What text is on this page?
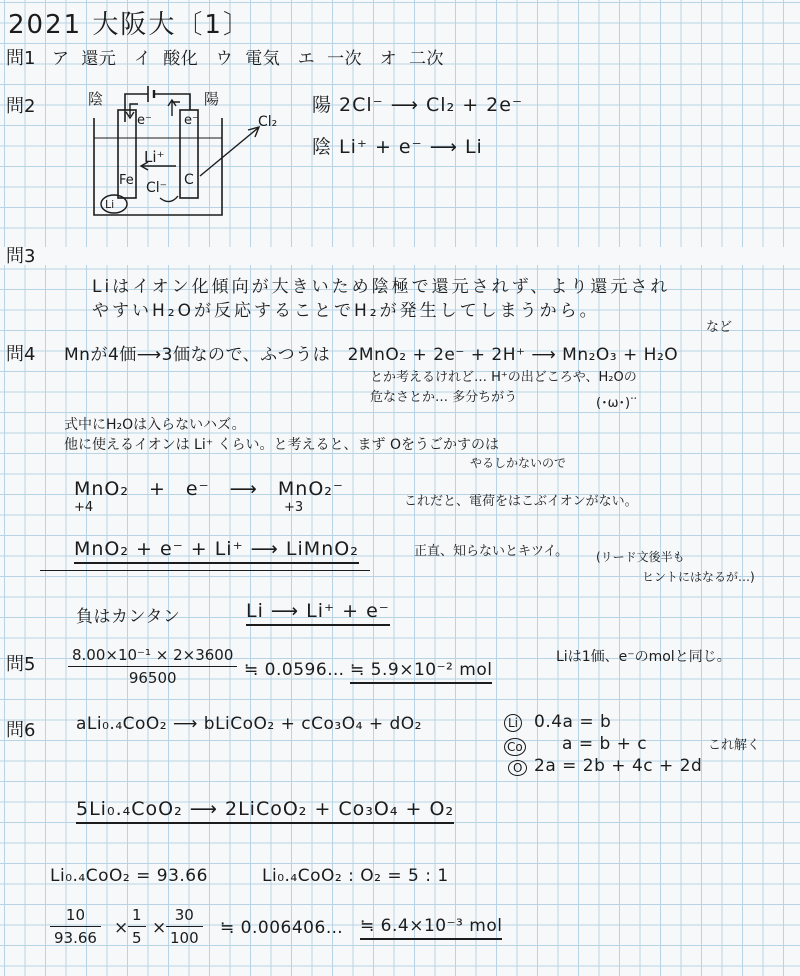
2021 大阪大〔1〕
問1 ア 還元　イ 酸化　ウ 電気　エ 一次　オ 二次
問2	陰	陽
e⁻ e⁻
Li⁺
Cl⁻
Fe	C
Li
Cl₂
陽 2Cl⁻ ⟶ Cl₂ + 2e⁻
陰 Li⁺ + e⁻ ⟶ Li
問3
Liはイオン化傾向が大きいため陰極で還元されず、より還元され
やすいH₂Oが反応することでH₂が発生してしまうから。
など
問4 Mnが4価⟶3価なので、ふつうは　2MnO₂ + 2e⁻ + 2H⁺ ⟶ Mn₂O₃ + H₂O
とか考えるけれど… H⁺の出どころや、H₂Oの
危なさとか… 多分ちがう	(･ω･)ᐝᐝ
式中にH₂Oは入らないハズ。
他に使えるイオンは Li⁺ くらい。と考えると、まず Oをうごかすのは
やるしかないので
MnO₂　+　e⁻　⟶　MnO₂⁻
+4	+3	これだと、電荷をはこぶイオンがない。
MnO₂ + e⁻ + Li⁺ ⟶ LiMnO₂	正直、知らないとキツイ。 (リード文後半も
ヒントにはなるが…)
負はカンタン	Li ⟶ Li⁺ + e⁻
問$5 \frac{\text{8.00×10⁻¹ × 2×3600}}{96500}$ ≒ 0.0596… ≒ 5.9×10⁻² mol
Liは1価、e⁻のmolと同じ。
問6 aLi₀.₄CoO₂ ⟶ bLiCoO₂ + cCo₃O₄ + dO₂	Li 0.4a = b
Co a = b + c
O 2a = 2b + 4c + 2d
これ解く
5Li₀.₄CoO₂ ⟶ 2LiCoO₂ + Co₃O₄ + O₂
Li₀.₄CoO₂ = 93.66	Li₀.₄CoO₂ : O₂ = 5 : 1
$\frac{10}{93.66} \times \frac{1}{5} \times \frac{30}{100}$ ≒ 0.006406… ≒ 6.4×10⁻³ mol
